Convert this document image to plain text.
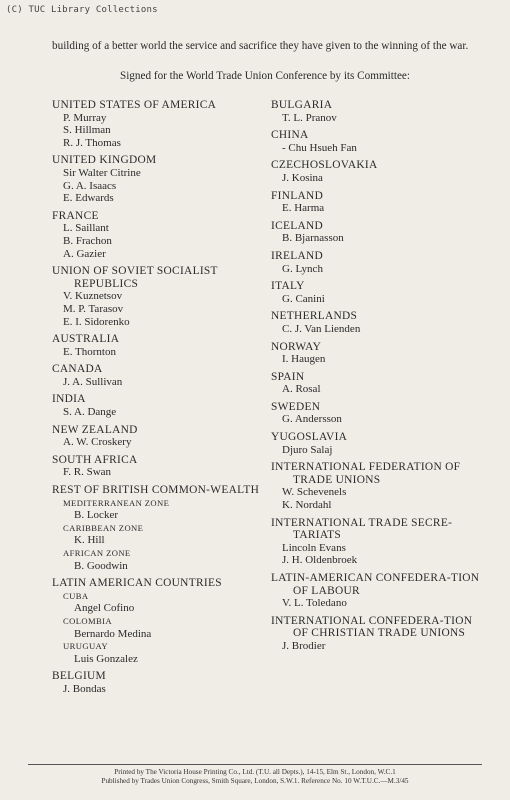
(C) TUC Library Collections
building of a better world the service and sacrifice they have given to the winning of the war.
Signed for the World Trade Union Conference by its Committee:
UNITED STATES OF AMERICA
P. Murray
S. Hillman
R. J. Thomas
UNITED KINGDOM
Sir Walter Citrine
G. A. Isaacs
E. Edwards
FRANCE
L. Saillant
B. Frachon
A. Gazier
UNION OF SOVIET SOCIALIST REPUBLICS
V. Kuznetsov
M. P. Tarasov
E. I. Sidorenko
AUSTRALIA
E. Thornton
CANADA
J. A. Sullivan
INDIA
S. A. Dange
NEW ZEALAND
A. W. Croskery
SOUTH AFRICA
F. R. Swan
REST OF BRITISH COMMON-WEALTH
MEDITERRANEAN ZONE
B. Locker
CARIBBEAN ZONE
K. Hill
AFRICAN ZONE
B. Goodwin
LATIN AMERICAN COUNTRIES
CUBA
Angel Cofino
COLOMBIA
Bernardo Medina
URUGUAY
Luis Gonzalez
BELGIUM
J. Bondas
BULGARIA
T. L. Pranov
CHINA
- Chu Hsueh Fan
CZECHOSLOVAKIA
J. Kosina
FINLAND
E. Harma
ICELAND
B. Bjarnasson
IRELAND
G. Lynch
ITALY
G. Canini
NETHERLANDS
C. J. Van Lienden
NORWAY
I. Haugen
SPAIN
A. Rosal
SWEDEN
G. Andersson
YUGOSLAVIA
Djuro Salaj
INTERNATIONAL FEDERATION OF TRADE UNIONS
W. Schevenels
K. Nordahl
INTERNATIONAL TRADE SECRE-TARIATS
Lincoln Evans
J. H. Oldenbroek
LATIN-AMERICAN CONFEDERA-TION OF LABOUR
V. L. Toledano
INTERNATIONAL CONFEDERA-TION OF CHRISTIAN TRADE UNIONS
J. Brodier
Printed by The Victoria House Printing Co., Ltd. (T.U. all Depts.), 14-15, Elm St., London, W.C.1
Published by Trades Union Congress, Smith Square, London, S.W.1. Reference No. 10 W.T.U.C.—M.3/45
